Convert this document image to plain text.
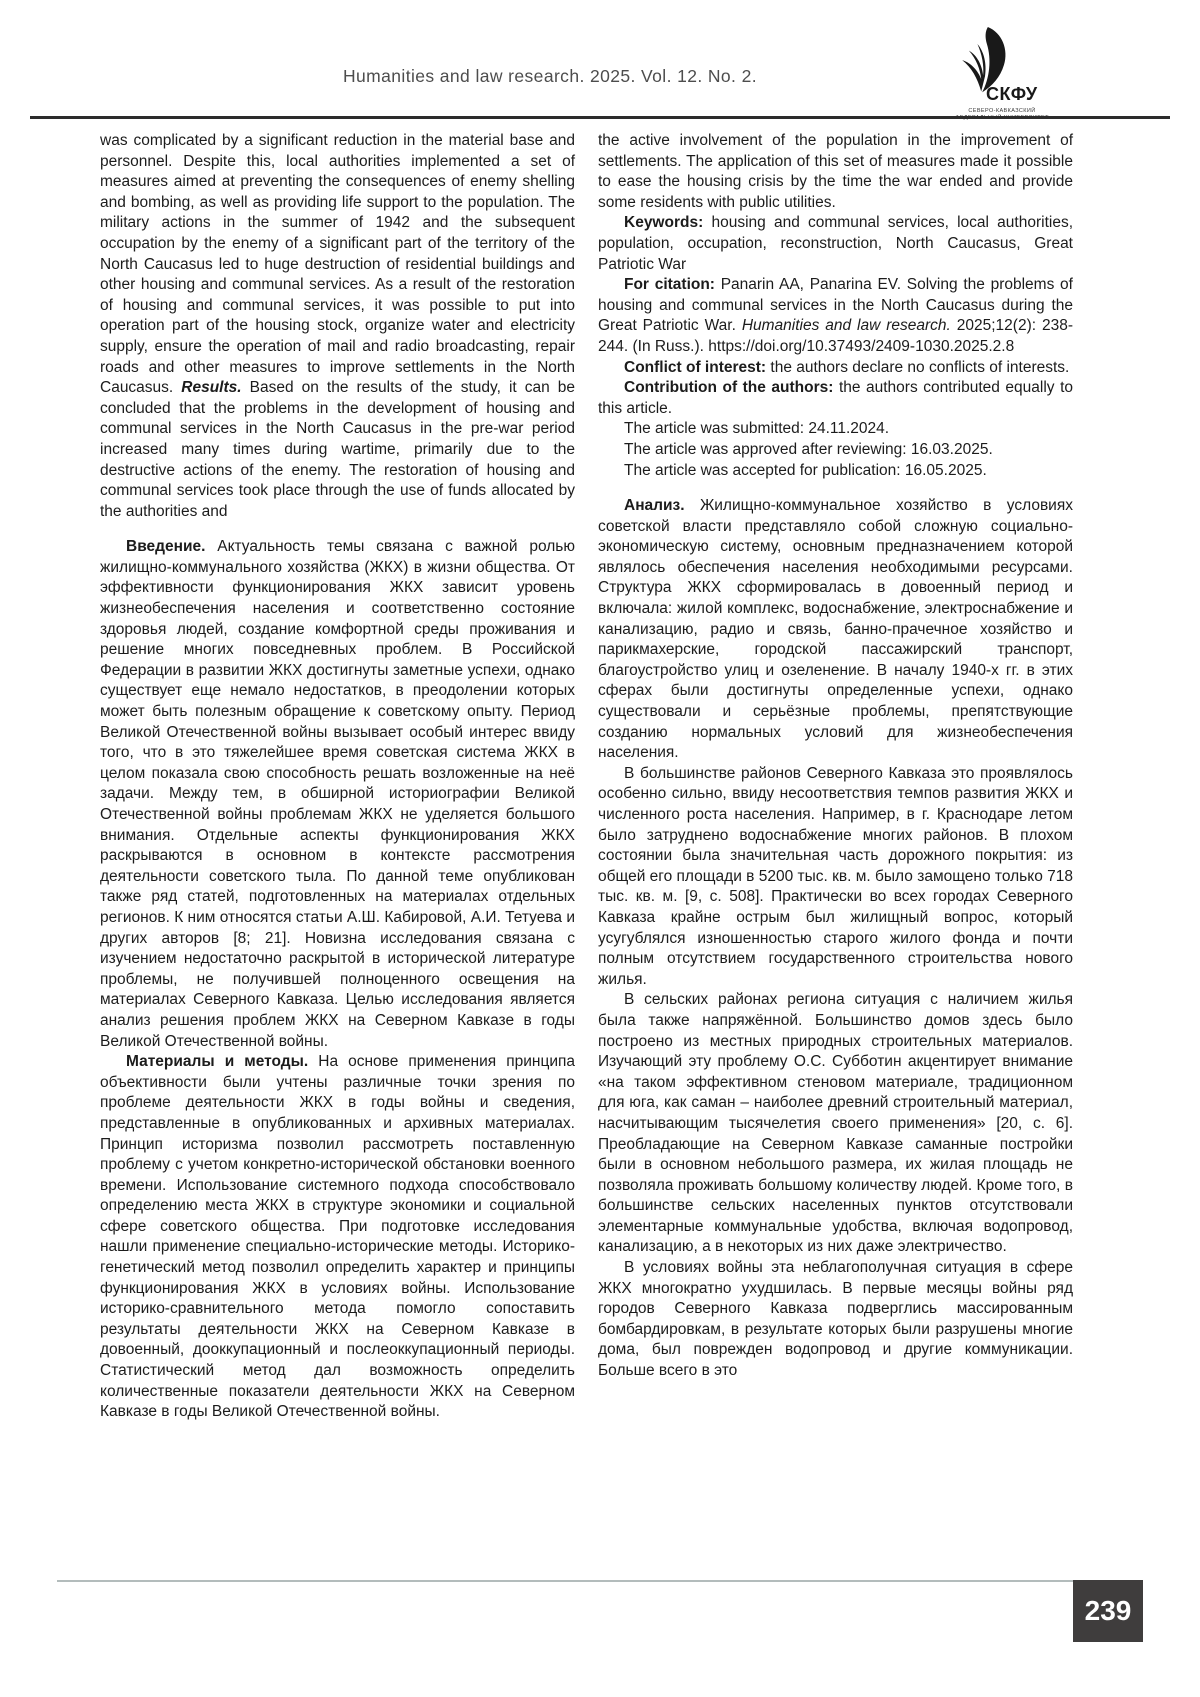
Humanities and law research. 2025. Vol. 12. No. 2.
СКФУ
СЕВЕРО-КАВКАЗСКИЙ

was complicated by a significant reduction in the material base and personnel. Despite this, local authorities implemented a set of measures aimed at preventing the consequences of enemy shelling and bombing, as well as providing life support to the population. The military actions in the summer of 1942 and the subsequent occupation by the enemy of a significant part of the territory of the North Caucasus led to huge destruction of residential buildings and other housing and communal services. As a result of the restoration of housing and communal services, it was possible to put into operation part of the housing stock, organize water and electricity supply, ensure the operation of mail and radio broadcasting, repair roads and other measures to improve settlements in the North Caucasus. Results. Based on the results of the study, it can be concluded that the problems in the development of housing and communal services in the North Caucasus in the pre-war period increased many times during wartime, primarily due to the destructive actions of the enemy. The restoration of housing and communal services took place through the use of funds allocated by the authorities and

Введение. Актуальность темы связана с важной ролью жилищно-коммунального хозяйства (ЖКХ) в жизни общества. От эффективности функционирования ЖКХ зависит уровень жизнеобеспечения населения и соответственно состояние здоровья людей, создание комфортной среды проживания и решение многих повседневных проблем. В Российской Федерации в развитии ЖКХ достигнуты заметные успехи, однако существует еще немало недостатков, в преодолении которых может быть полезным обращение к советскому опыту. Период Великой Отечественной войны вызывает особый интерес ввиду того, что в это тяжелейшее время советская система ЖКХ в целом показала свою способность решать возложенные на неё задачи. Между тем, в обширной историографии Великой Отечественной войны проблемам ЖКХ не уделяется большого внимания. Отдельные аспекты функционирования ЖКХ раскрываются в основном в контексте рассмотрения деятельности советского тыла. По данной теме опубликован также ряд статей, подготовленных на материалах отдельных регионов. К ним относятся статьи А.Ш. Кабировой, А.И. Тетуева и других авторов [8; 21]. Новизна исследования связана с изучением недостаточно раскрытой в исторической литературе проблемы, не получившей полноценного освещения на материалах Северного Кавказа. Целью исследования является анализ решения проблем ЖКХ на Северном Кавказе в годы Великой Отечественной войны.

Материалы и методы. На основе применения принципа объективности были учтены различные точки зрения по проблеме деятельности ЖКХ в годы войны и сведения, представленные в опубликованных и архивных материалах. Принцип историзма позволил рассмотреть поставленную проблему с учетом конкретно-исторической обстановки военного времени. Использование системного подхода способствовало определению места ЖКХ в структуре экономики и социальной сфере советского общества. При подготовке исследования нашли применение специально-исторические методы. Историко-генетический метод позволил определить характер и принципы функционирования ЖКХ в условиях войны. Использование историко-сравнительного метода помогло сопоставить результаты деятельности ЖКХ на Северном Кавказе в довоенный, дооккупационный и послеоккупационный периоды. Статистический метод дал возможность определить количественные показатели деятельности ЖКХ на Северном Кавказе в годы Великой Отечественной войны.

the active involvement of the population in the improvement of settlements. The application of this set of measures made it possible to ease the housing crisis by the time the war ended and provide some residents with public utilities.

Keywords: housing and communal services, local authorities, population, occupation, reconstruction, North Caucasus, Great Patriotic War

For citation: Panarin AA, Panarina EV. Solving the problems of housing and communal services in the North Caucasus during the Great Patriotic War. Humanities and law research. 2025;12(2): 238-244. (In Russ.). https://doi.org/10.37493/2409-1030.2025.2.8

Conflict of interest: the authors declare no conflicts of interests.

Contribution of the authors: the authors contributed equally to this article.

The article was submitted: 24.11.2024.

The article was approved after reviewing: 16.03.2025.

The article was accepted for publication: 16.05.2025.

Анализ. Жилищно-коммунальное хозяйство в условиях советской власти представляло собой сложную социально-экономическую систему, основным предназначением которой являлось обеспечения населения необходимыми ресурсами. Структура ЖКХ сформировалась в довоенный период и включала: жилой комплекс, водоснабжение, электроснабжение и канализацию, радио и связь, банно-прачечное хозяйство и парикмахерские, городской пассажирский транспорт, благоустройство улиц и озеленение. В началу 1940-х гг. в этих сферах были достигнуты определенные успехи, однако существовали и серьёзные проблемы, препятствующие созданию нормальных условий для жизнеобеспечения населения.

В большинстве районов Северного Кавказа это проявлялось особенно сильно, ввиду несоответствия темпов развития ЖКХ и численного роста населения. Например, в г. Краснодаре летом было затруднено водоснабжение многих районов. В плохом состоянии была значительная часть дорожного покрытия: из общей его площади в 5200 тыс. кв. м. было замощено только 718 тыс. кв. м. [9, с. 508]. Практически во всех городах Северного Кавказа крайне острым был жилищный вопрос, который усугублялся изношенностью старого жилого фонда и почти полным отсутствием государственного строительства нового жилья.

В сельских районах региона ситуация с наличием жилья была также напряжённой. Большинство домов здесь было построено из местных природных строительных материалов. Изучающий эту проблему О.С. Субботин акцентирует внимание «на таком эффективном стеновом материале, традиционном для юга, как саман – наиболее древний строительный материал, насчитывающим тысячелетия своего применения» [20, с. 6]. Преобладающие на Северном Кавказе саманные постройки были в основном небольшого размера, их жилая площадь не позволяла проживать большому количеству людей. Кроме того, в большинстве сельских населенных пунктов отсутствовали элементарные коммунальные удобства, включая водопровод, канализацию, а в некоторых из них даже электричество.

В условиях войны эта неблагополучная ситуация в сфере ЖКХ многократно ухудшилась. В первые месяцы войны ряд городов Северного Кавказа подверглись массированным бомбардировкам, в результате которых были разрушены многие дома, был поврежден водопровод и другие коммуникации. Больше всего в это

239
